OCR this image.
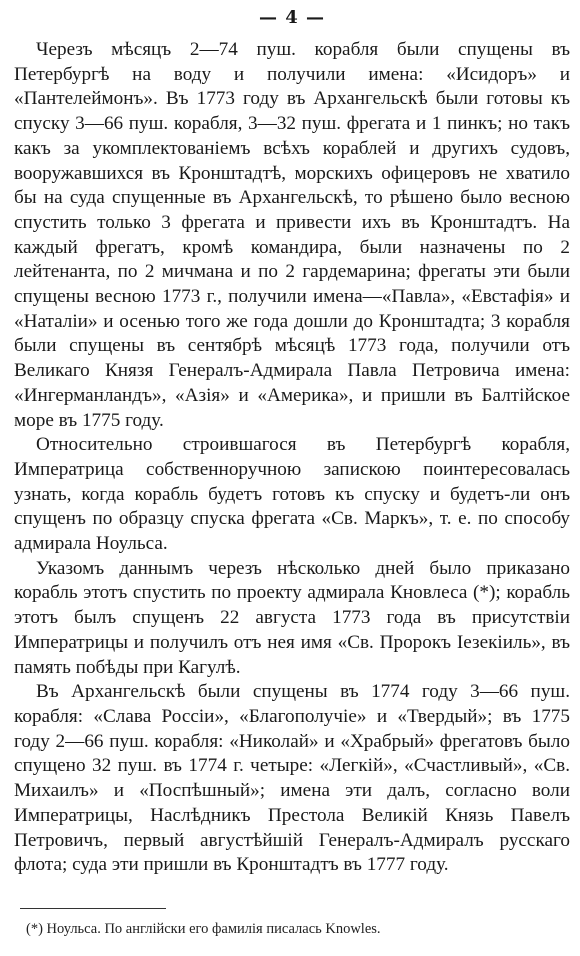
— 4 —

Черезъ мѣсяцъ 2—74 пуш. корабля были спущены въ Петербургѣ на воду и получили имена: «Исидоръ» и «Пантелеймонъ». Въ 1773 году въ Архангельскѣ были готовы къ спуску 3—66 пуш. корабля, 3—32 пуш. фрегата и 1 пинкъ; но такъ какъ за укомплектованіемъ всѣхъ кораблей и другихъ судовъ, вооружавшихся въ Кронштадтѣ, морскихъ офицеровъ не хватило бы на суда спущенные въ Архангельскѣ, то рѣшено было весною спустить только 3 фрегата и привести ихъ въ Кронштадтъ. На каждый фрегатъ, кромѣ командира, были назначены по 2 лейтенанта, по 2 мичмана и по 2 гардемарина; фрегаты эти были спущены весною 1773 г., получили имена—«Павла», «Евстафія» и «Наталіи» и осенью того же года дошли до Кронштадта; 3 корабля были спущены въ сентябрѣ мѣсяцѣ 1773 года, получили отъ Великаго Князя Генералъ-Адмирала Павла Петровича имена: «Ингерманландъ», «Азія» и «Америка», и пришли въ Балтійское море въ 1775 году.

Относительно строившагося въ Петербургѣ корабля, Императрица собственноручною запискою поинтересовалась узнать, когда корабль будетъ готовъ къ спуску и будетъ-ли онъ спущенъ по образцу спуска фрегата «Св. Маркъ», т. е. по способу адмирала Ноульса.

Указомъ даннымъ черезъ нѣсколько дней было приказано корабль этотъ спустить по проекту адмирала Кновлеса (*); корабль этотъ былъ спущенъ 22 августа 1773 года въ присутствіи Императрицы и получилъ отъ нея имя «Св. Пророкъ Іезекіиль», въ память побѣды при Кагулѣ.

Въ Архангельскѣ были спущены въ 1774 году 3—66 пуш. корабля: «Слава Россіи», «Благополучіе» и «Твердый»; въ 1775 году 2—66 пуш. корабля: «Николай» и «Храбрый» фрегатовъ было спущено 32 пуш. въ 1774 г. четыре: «Легкій», «Счастливый», «Св. Михаилъ» и «Поспѣшный»; имена эти далъ, согласно воли Императрицы, Наслѣдникъ Престола Великій Князь Павелъ Петровичъ, первый августѣйшій Генералъ-Адмиралъ русскаго флота; суда эти пришли въ Кронштадтъ въ 1777 году.

(*) Ноульса. По англійски его фамилія писалась Knowles.
